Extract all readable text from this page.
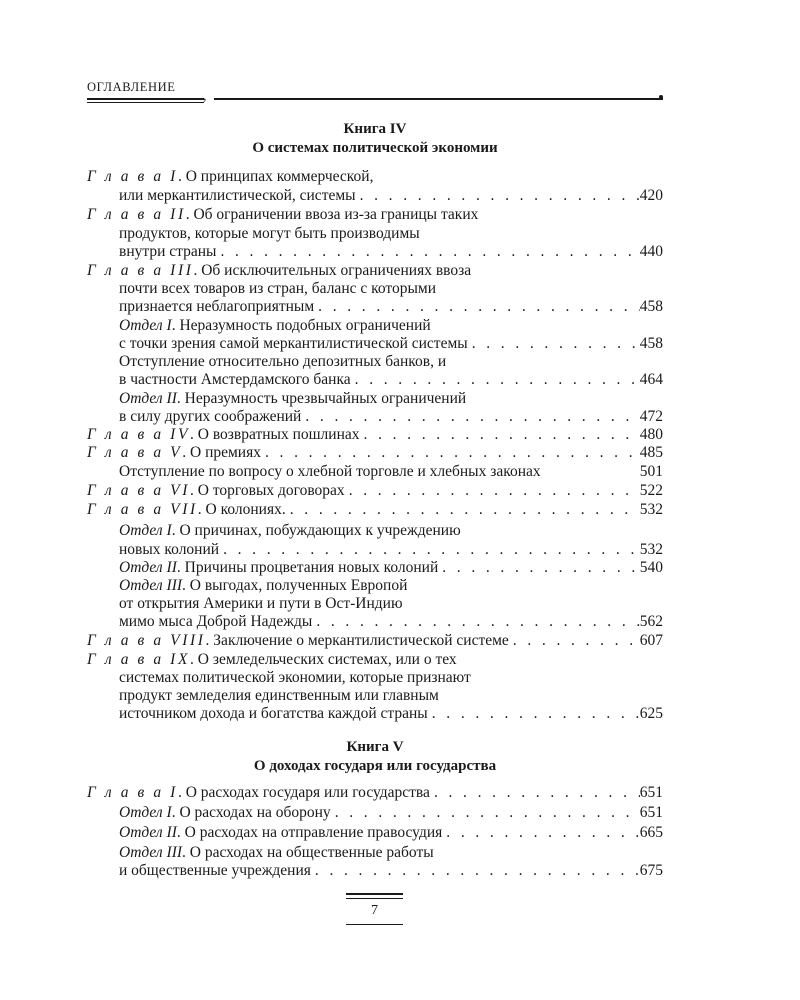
ОГЛАВЛЕНИЕ
,
Книга IV
О системах политической экономии
Г л а в а I. О принципах коммерческой,
или меркантилистической, системы . . .	420
Г л а в а II. Об ограничении ввоза из-за границы таких
продуктов, которые могут быть производимы
внутри страны . . .	440
Г л а в а III. Об исключительных ограничениях ввоза
почти всех товаров из стран, баланс с которыми
признается неблагоприятным . . .	458
Отдел I. Неразумность подобных ограничений
с точки зрения самой меркантилистической системы . . .	458
Отступление относительно депозитных банков, и
в частности Амстердамского банка . . .	464
Отдел II. Неразумность чрезвычайных ограничений
в силу других соображений . . .	472
Г л а в а IV. О возвратных пошлинах . . .	480
Г л а в а V. О премиях . . .	485
Отступление по вопросу о хлебной торговле и хлебных законах	501
Г л а в а VI. О торговых договорах . . .	522
Г л а в а VII. О колониях. . . .	532
Отдел I. О причинах, побуждающих к учреждению
новых колоний . . .	532
Отдел II. Причины процветания новых колоний . . .	540
Отдел III. О выгодах, полученных Европой
от открытия Америки и пути в Ост-Индию
мимо мыса Доброй Надежды . . .	562
Г л а в а VIII. Заключение о меркантилистической системе . . .	607
Г л а в а IX. О земледельческих системах, или о тех
системах политической экономии, которые признают
продукт земледелия единственным или главным
источником дохода и богатства каждой страны . . .	625
Книга V
О доходах государя или государства
Г л а в а I. О расходах государя или государства . . .	651
Отдел I. О расходах на оборону . . .	651
Отдел II. О расходах на отправление правосудия . . .	665
Отдел III. О расходах на общественные работы
и общественные учреждения . . .	675
7
